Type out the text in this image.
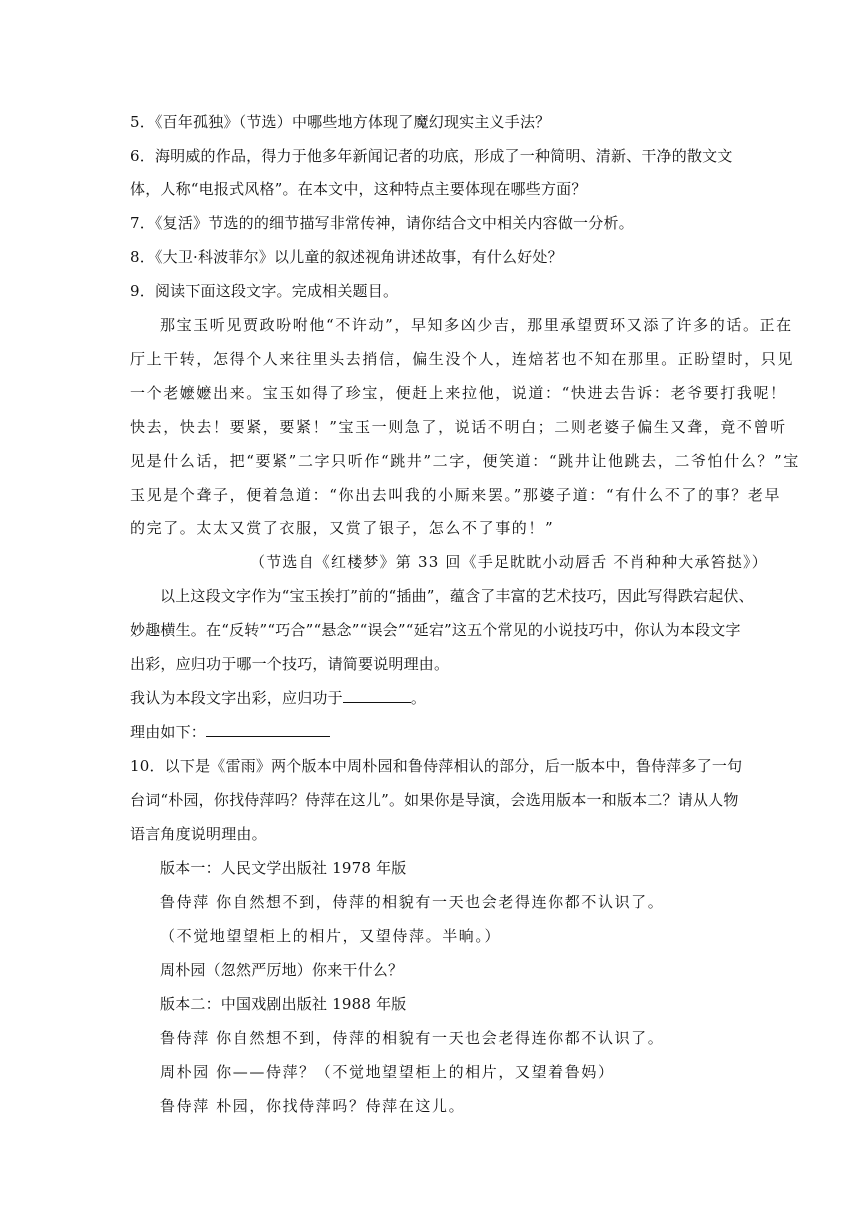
5．《百年孤独》（节选）中哪些地方体现了魔幻现实主义手法？
6．海明威的作品，得力于他多年新闻记者的功底，形成了一种简明、清新、干净的散文文
体，人称“电报式风格”。在本文中，这种特点主要体现在哪些方面？
7．《复活》节选的的细节描写非常传神，请你结合文中相关内容做一分析。
8．《大卫·科波菲尔》以儿童的叙述视角讲述故事，有什么好处？
9．阅读下面这段文字。完成相关题目。
那宝玉听见贾政吩咐他“不许动”，早知多凶少吉，那里承望贾环又添了许多的话。正在
厅上干转，怎得个人来往里头去捎信，偏生没个人，连焙茗也不知在那里。正盼望时，只见
一个老嬷嬷出来。宝玉如得了珍宝，便赶上来拉他，说道：“快进去告诉：老爷要打我呢！
快去，快去！要紧，要紧！”宝玉一则急了，说话不明白；二则老婆子偏生又聋，竟不曾听
见是什么话，把“要紧”二字只听作“跳井”二字，便笑道：“跳井让他跳去，二爷怕什么？”宝
玉见是个聋子，便着急道：“你出去叫我的小厮来罢。”那婆子道：“有什么不了的事？老早
的完了。太太又赏了衣服，又赏了银子，怎么不了事的！”
（节选自《红楼梦》第 33 回《手足眈眈小动唇舌 不肖种种大承笞挞》）
以上这段文字作为“宝玉挨打”前的“插曲”，蕴含了丰富的艺术技巧，因此写得跌宕起伏、
妙趣横生。在“反转”“巧合”“悬念”“误会”“延宕”这五个常见的小说技巧中，你认为本段文字
出彩，应归功于哪一个技巧，请简要说明理由。
我认为本段文字出彩，应归功于	。
理由如下：
10．以下是《雷雨》两个版本中周朴园和鲁侍萍相认的部分，后一版本中，鲁侍萍多了一句
台词“朴园，你找侍萍吗？侍萍在这儿”。如果你是导演，会选用版本一和版本二？请从人物
语言角度说明理由。
版本一：人民文学出版社 1978 年版
鲁侍萍 你自然想不到，侍萍的相貌有一天也会老得连你都不认识了。
（不觉地望望柜上的相片，又望侍萍。半晌。）
周朴园（忽然严厉地）你来干什么？
版本二：中国戏剧出版社 1988 年版
鲁侍萍 你自然想不到，侍萍的相貌有一天也会老得连你都不认识了。
周朴园 你——侍萍？（不觉地望望柜上的相片，又望着鲁妈）
鲁侍萍 朴园，你找侍萍吗？侍萍在这儿。
